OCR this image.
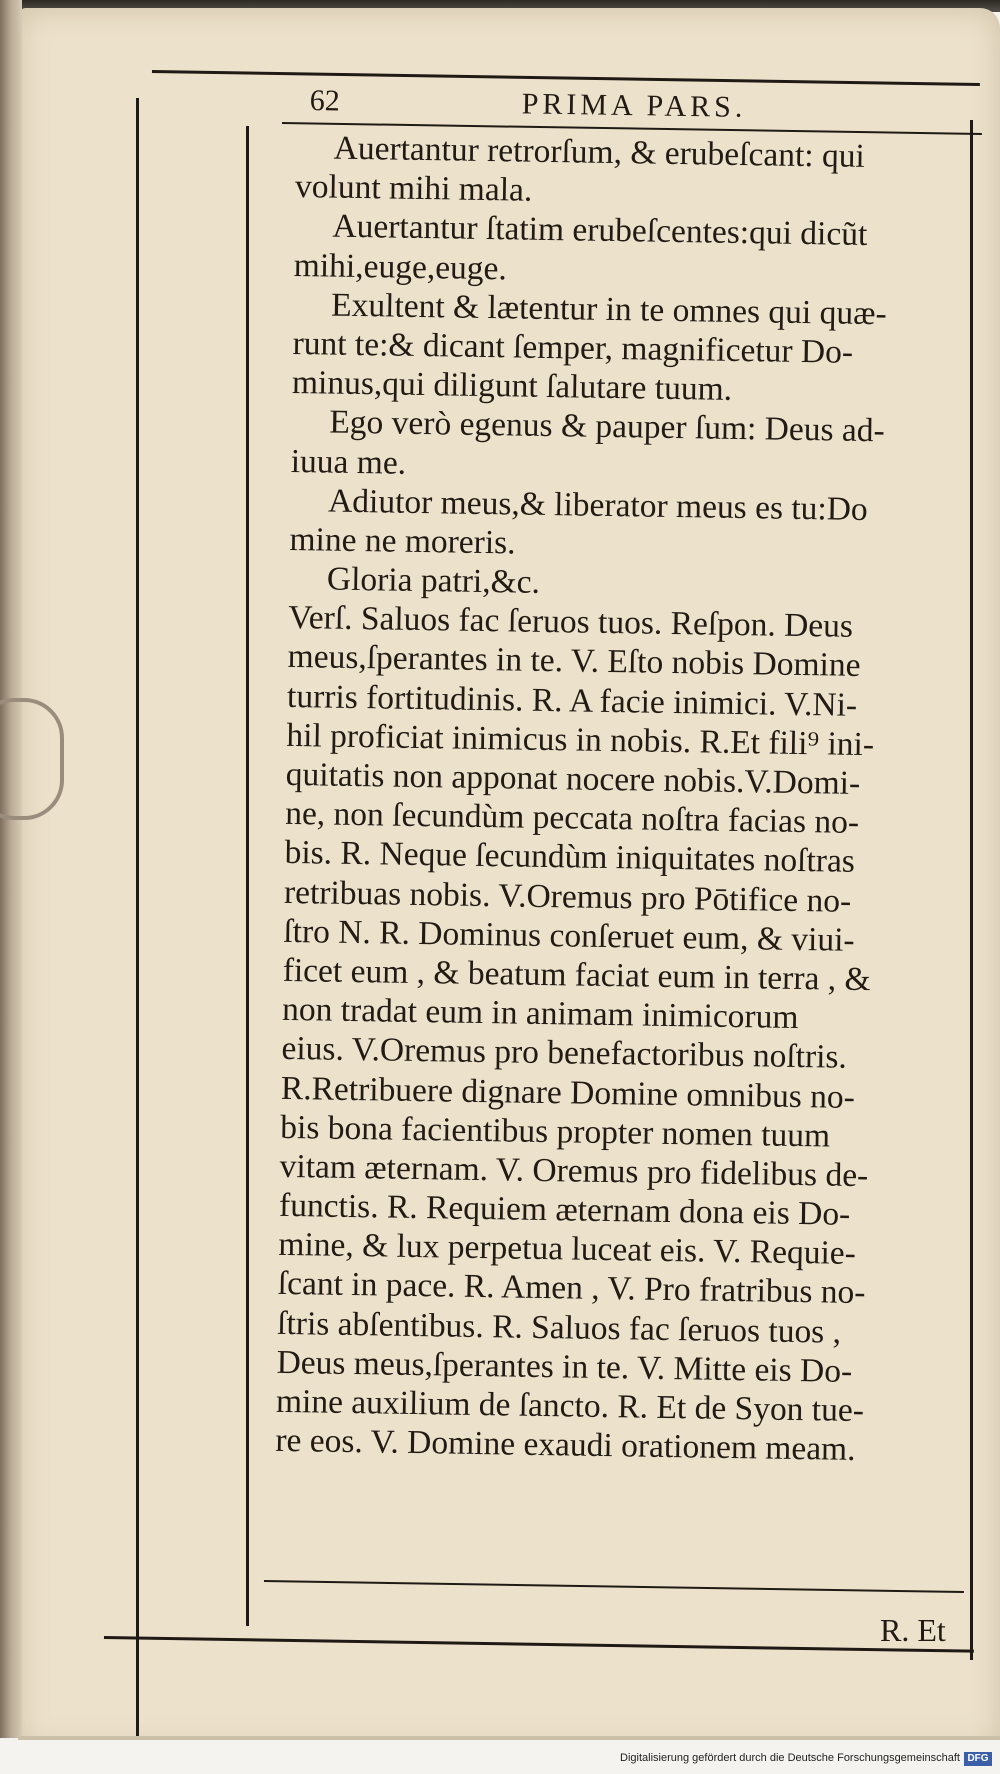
62	PRIMA PARS.
Auertantur retrorſum, & erubeſcant: qui
volunt mihi mala.
Auertantur ſtatim erubeſcentes:qui dicũt
mihi,euge,euge.
Exultent & lætentur in te omnes qui quæ-
runt te:& dicant ſemper, magnificetur Do-
minus,qui diligunt ſalutare tuum.
Ego verò egenus & pauper ſum: Deus ad-
iuua me.
Adiutor meus,& liberator meus es tu:Do
mine ne moreris.
Gloria patri,&c.
Verſ. Saluos fac ſeruos tuos. Reſpon. Deus
meus,ſperantes in te. V. Eſto nobis Domine
turris fortitudinis. R. A facie inimici. V.Ni-
hil proficiat inimicus in nobis. R.Et fili⁹ ini-
quitatis non apponat nocere nobis.V.Domi-
ne, non ſecundùm peccata noſtra facias no-
bis. R. Neque ſecundùm iniquitates noſtras
retribuas nobis. V.Oremus pro Pōtifice no-
ſtro N. R. Dominus conſeruet eum, & viui-
ficet eum , & beatum faciat eum in terra , &
non tradat eum in animam inimicorum
eius. V.Oremus pro benefactoribus noſtris.
R.Retribuere dignare Domine omnibus no-
bis bona facientibus propter nomen tuum
vitam æternam. V. Oremus pro fidelibus de-
functis. R. Requiem æternam dona eis Do-
mine, & lux perpetua luceat eis. V. Requie-
ſcant in pace. R. Amen , V. Pro fratribus no-
ſtris abſentibus. R. Saluos fac ſeruos tuos ,
Deus meus,ſperantes in te. V. Mitte eis Do-
mine auxilium de ſancto. R. Et de Syon tue-
re eos. V. Domine exaudi orationem meam.
R. Et
Digitalisierung gefördert durch die Deutsche Forschungsgemeinschaft DFG
